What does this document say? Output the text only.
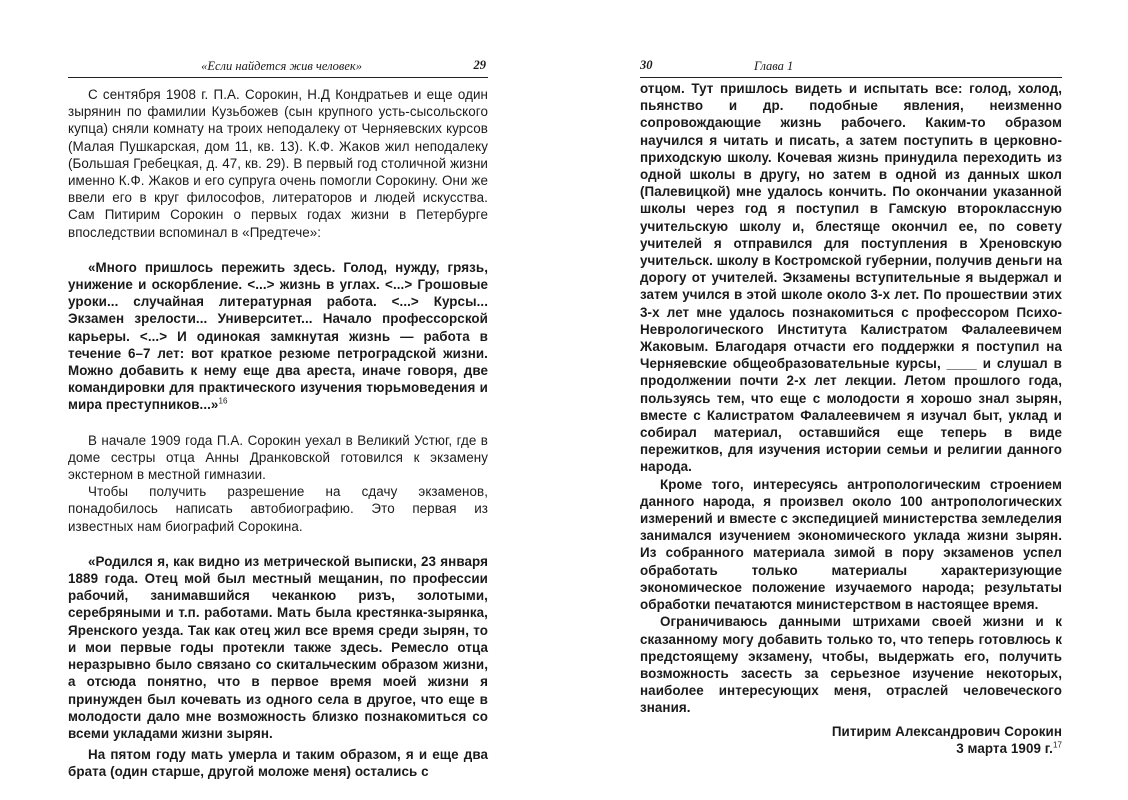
«Если найдется жив человек»	29

С сентября 1908 г. П.А. Сорокин, Н.Д Кондратьев и еще один зырянин по фамилии Кузьбожев (сын крупного усть-сысольского купца) сняли комнату на троих неподалеку от Черняевских курсов (Малая Пушкарская, дом 11, кв. 13). К.Ф. Жаков жил неподалеку (Большая Гребецкая, д. 47, кв. 29). В первый год столичной жизни именно К.Ф. Жаков и его супруга очень помогли Сорокину. Они же ввели его в круг философов, литераторов и людей искусства. Сам Питирим Сорокин о первых годах жизни в Петербурге впоследствии вспоминал в «Предтече»:

«Много пришлось пережить здесь. Голод, нужду, грязь, унижение и оскорбление. <...> жизнь в углах. <...> Грошовые уроки... случайная литературная работа. <...> Курсы... Экзамен зрелости... Университет... Начало профессорской карьеры. <...> И одинокая замкнутая жизнь — работа в течение 6–7 лет: вот краткое резюме петроградской жизни. Можно добавить к нему еще два ареста, иначе говоря, две командировки для практического изучения тюрьмоведения и мира преступников...»$^{16}$

В начале 1909 года П.А. Сорокин уехал в Великий Устюг, где в доме сестры отца Анны Дранковской готовился к экзамену экстерном в местной гимназии.

Чтобы получить разрешение на сдачу экзаменов, понадобилось написать автобиографию. Это первая из известных нам биографий Сорокина.

«Родился я, как видно из метрической выписки, 23 января 1889 года. Отец мой был местный мещанин, по профессии рабочий, занимавшийся чеканкою ризъ, золотыми, серебряными и т.п. работами. Мать была крестянка-зырянка, Яренского уезда. Так как отец жил все время среди зырян, то и мои первые годы протекли также здесь. Ремесло отца неразрывно было связано со скитальческим образом жизни, а отсюда понятно, что в первое время моей жизни я принужден был кочевать из одного села в другое, что еще в молодости дало мне возможность близко познакомиться со всеми укладами жизни зырян.

На пятом году мать умерла и таким образом, я и еще два брата (один старше, другой моложе меня) остались с

30	Глава 1

отцом. Тут пришлось видеть и испытать все: голод, холод, пьянство и др. подобные явления, неизменно сопровождающие жизнь рабочего. Каким-то образом научился я читать и писать, а затем поступить в церковно-приходскую школу. Кочевая жизнь принудила переходить из одной школы в другу, но затем в одной из данных школ (Палевицкой) мне удалось кончить. По окончании указанной школы через год я поступил в Гамскую второклассную учительскую школу и, блестяще окончил ее, по совету учителей я отправился для поступления в Хреновскую учительск. школу в Костромской губернии, получив деньги на дорогу от учителей. Экзамены вступительные я выдержал и затем учился в этой школе около 3-х лет. По прошествии этих 3-х лет мне удалось познакомиться с профессором Психо-Неврологического Института Калистратом Фалалеевичем Жаковым. Благодаря отчасти его поддержки я поступил на Черняевские общеобразовательные курсы, ____ и слушал в продолжении почти 2-х лет лекции. Летом прошлого года, пользуясь тем, что еще с молодости я хорошо знал зырян, вместе с Калистратом Фалалеевичем я изучал быт, уклад и собирал материал, оставшийся еще теперь в виде пережитков, для изучения истории семьи и религии данного народа.

Кроме того, интересуясь антропологическим строением данного народа, я произвел около 100 антропологических измерений и вместе с экспедицией министерства земледелия занимался изучением экономического уклада жизни зырян. Из собранного материала зимой в пору экзаменов успел обработать только материалы характеризующие экономическое положение изучаемого народа; результаты обработки печатаются министерством в настоящее время.

Ограничиваюсь данными штрихами своей жизни и к сказанному могу добавить только то, что теперь готовлюсь к предстоящему экзамену, чтобы, выдержать его, получить возможность засесть за серьезное изучение некоторых, наиболее интересующих меня, отраслей человеческого знания.

Питирим Александрович Сорокин
3 марта 1909 г.$^{17}$
